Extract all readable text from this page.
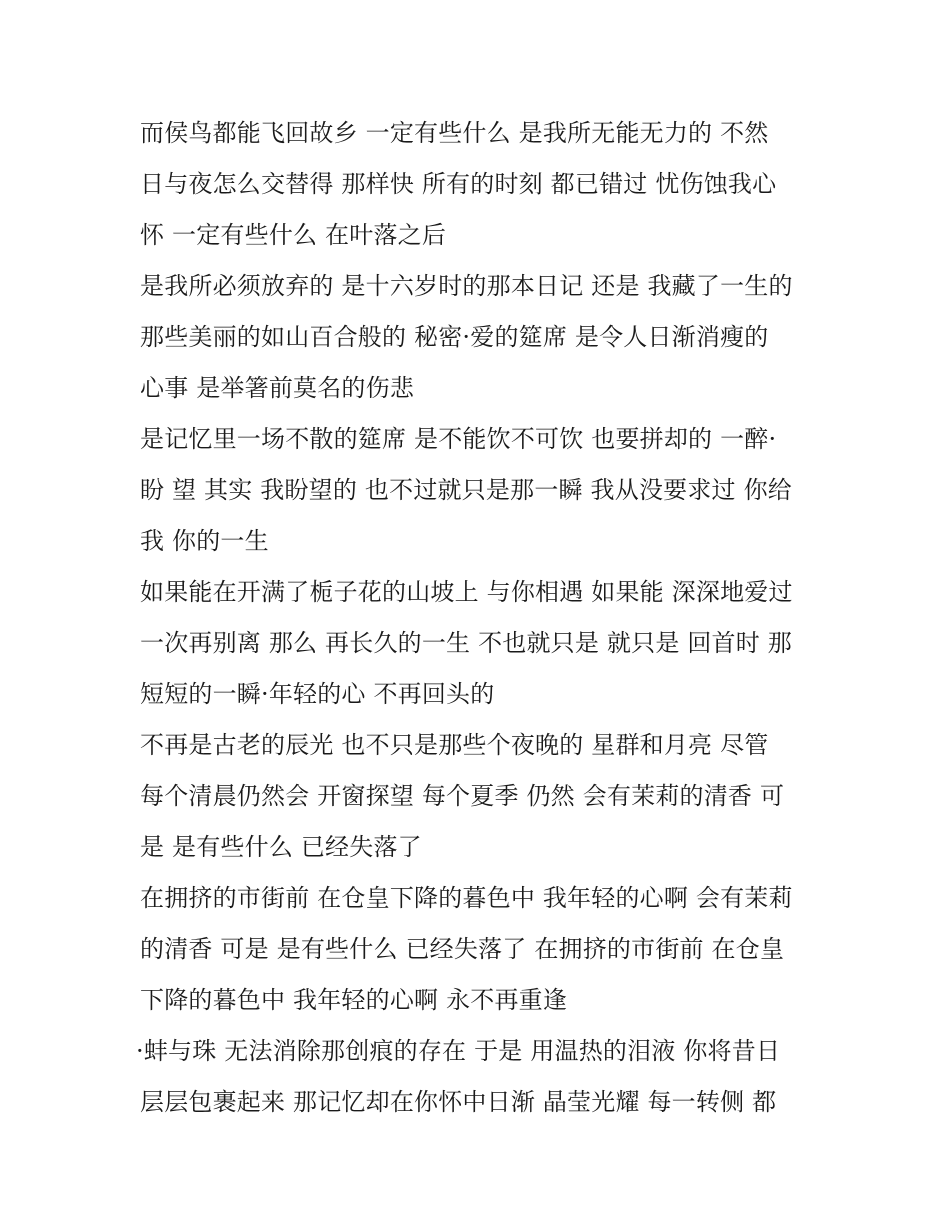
而侯鸟都能飞回故乡 一定有些什么 是我所无能无力的 不然
日与夜怎么交替得 那样快 所有的时刻 都已错过 忧伤蚀我心
怀 一定有些什么 在叶落之后
是我所必须放弃的 是十六岁时的那本日记 还是 我藏了一生的
那些美丽的如山百合般的 秘密·爱的筵席 是令人日渐消瘦的
心事 是举箸前莫名的伤悲
是记忆里一场不散的筵席 是不能饮不可饮 也要拼却的 一醉·
盼 望 其实 我盼望的 也不过就只是那一瞬 我从没要求过 你给
我 你的一生
如果能在开满了栀子花的山坡上 与你相遇 如果能 深深地爱过
一次再别离 那么 再长久的一生 不也就只是 就只是 回首时 那
短短的一瞬·年轻的心 不再回头的
不再是古老的辰光 也不只是那些个夜晚的 星群和月亮 尽管
每个清晨仍然会 开窗探望 每个夏季 仍然 会有茉莉的清香 可
是 是有些什么 已经失落了
在拥挤的市街前 在仓皇下降的暮色中 我年轻的心啊 会有茉莉
的清香 可是 是有些什么 已经失落了 在拥挤的市街前 在仓皇
下降的暮色中 我年轻的心啊 永不再重逢
·蚌与珠 无法消除那创痕的存在 于是 用温热的泪液 你将昔日
层层包裹起来 那记忆却在你怀中日渐 晶莹光耀 每一转侧 都
